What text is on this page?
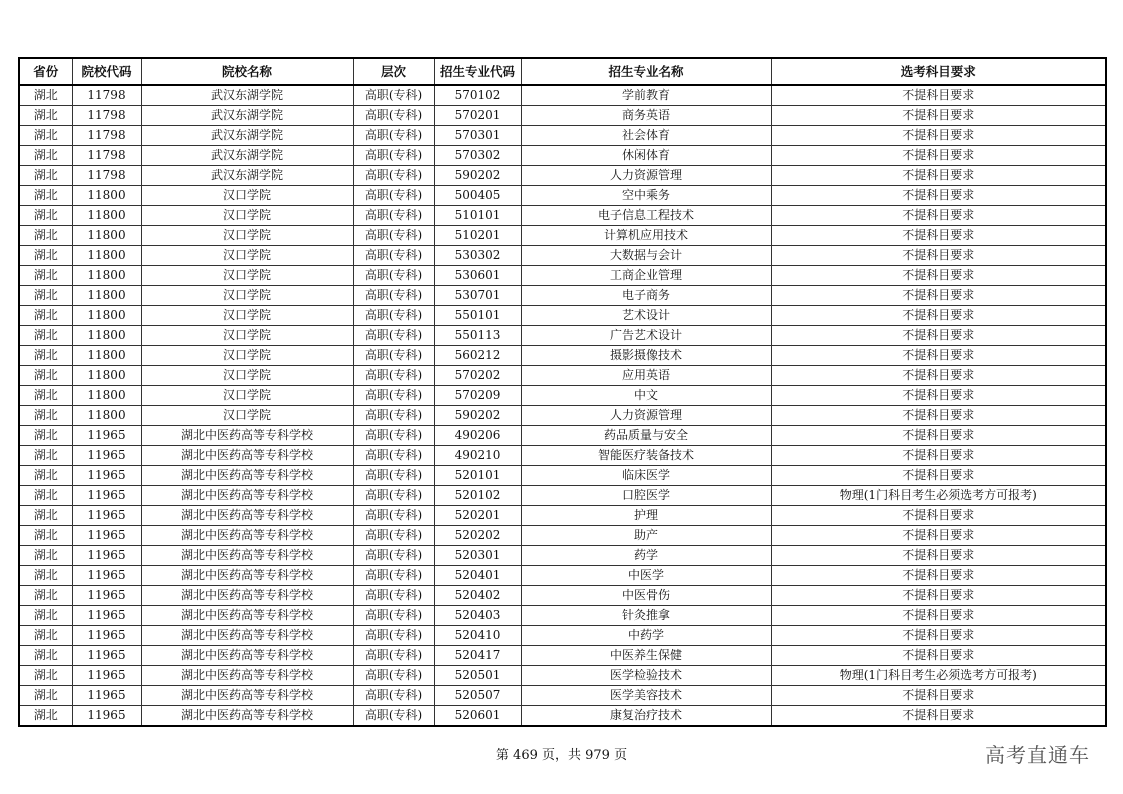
省份	院校代码	院校名称	层次	招生专业代码	招生专业名称	选考科目要求
湖北	11798	武汉东湖学院	高职(专科)	570102	学前教育	不提科目要求
湖北	11798	武汉东湖学院	高职(专科)	570201	商务英语	不提科目要求
湖北	11798	武汉东湖学院	高职(专科)	570301	社会体育	不提科目要求
湖北	11798	武汉东湖学院	高职(专科)	570302	休闲体育	不提科目要求
湖北	11798	武汉东湖学院	高职(专科)	590202	人力资源管理	不提科目要求
湖北	11800	汉口学院	高职(专科)	500405	空中乘务	不提科目要求
湖北	11800	汉口学院	高职(专科)	510101	电子信息工程技术	不提科目要求
湖北	11800	汉口学院	高职(专科)	510201	计算机应用技术	不提科目要求
湖北	11800	汉口学院	高职(专科)	530302	大数据与会计	不提科目要求
湖北	11800	汉口学院	高职(专科)	530601	工商企业管理	不提科目要求
湖北	11800	汉口学院	高职(专科)	530701	电子商务	不提科目要求
湖北	11800	汉口学院	高职(专科)	550101	艺术设计	不提科目要求
湖北	11800	汉口学院	高职(专科)	550113	广告艺术设计	不提科目要求
湖北	11800	汉口学院	高职(专科)	560212	摄影摄像技术	不提科目要求
湖北	11800	汉口学院	高职(专科)	570202	应用英语	不提科目要求
湖北	11800	汉口学院	高职(专科)	570209	中文	不提科目要求
湖北	11800	汉口学院	高职(专科)	590202	人力资源管理	不提科目要求
湖北	11965	湖北中医药高等专科学校	高职(专科)	490206	药品质量与安全	不提科目要求
湖北	11965	湖北中医药高等专科学校	高职(专科)	490210	智能医疗装备技术	不提科目要求
湖北	11965	湖北中医药高等专科学校	高职(专科)	520101	临床医学	不提科目要求
湖北	11965	湖北中医药高等专科学校	高职(专科)	520102	口腔医学	物理(1门科目考生必须选考方可报考)
湖北	11965	湖北中医药高等专科学校	高职(专科)	520201	护理	不提科目要求
湖北	11965	湖北中医药高等专科学校	高职(专科)	520202	助产	不提科目要求
湖北	11965	湖北中医药高等专科学校	高职(专科)	520301	药学	不提科目要求
湖北	11965	湖北中医药高等专科学校	高职(专科)	520401	中医学	不提科目要求
湖北	11965	湖北中医药高等专科学校	高职(专科)	520402	中医骨伤	不提科目要求
湖北	11965	湖北中医药高等专科学校	高职(专科)	520403	针灸推拿	不提科目要求
湖北	11965	湖北中医药高等专科学校	高职(专科)	520410	中药学	不提科目要求
湖北	11965	湖北中医药高等专科学校	高职(专科)	520417	中医养生保健	不提科目要求
湖北	11965	湖北中医药高等专科学校	高职(专科)	520501	医学检验技术	物理(1门科目考生必须选考方可报考)
湖北	11965	湖北中医药高等专科学校	高职(专科)	520507	医学美容技术	不提科目要求
湖北	11965	湖北中医药高等专科学校	高职(专科)	520601	康复治疗技术	不提科目要求
第 469 页，共 979 页	高考直通车
